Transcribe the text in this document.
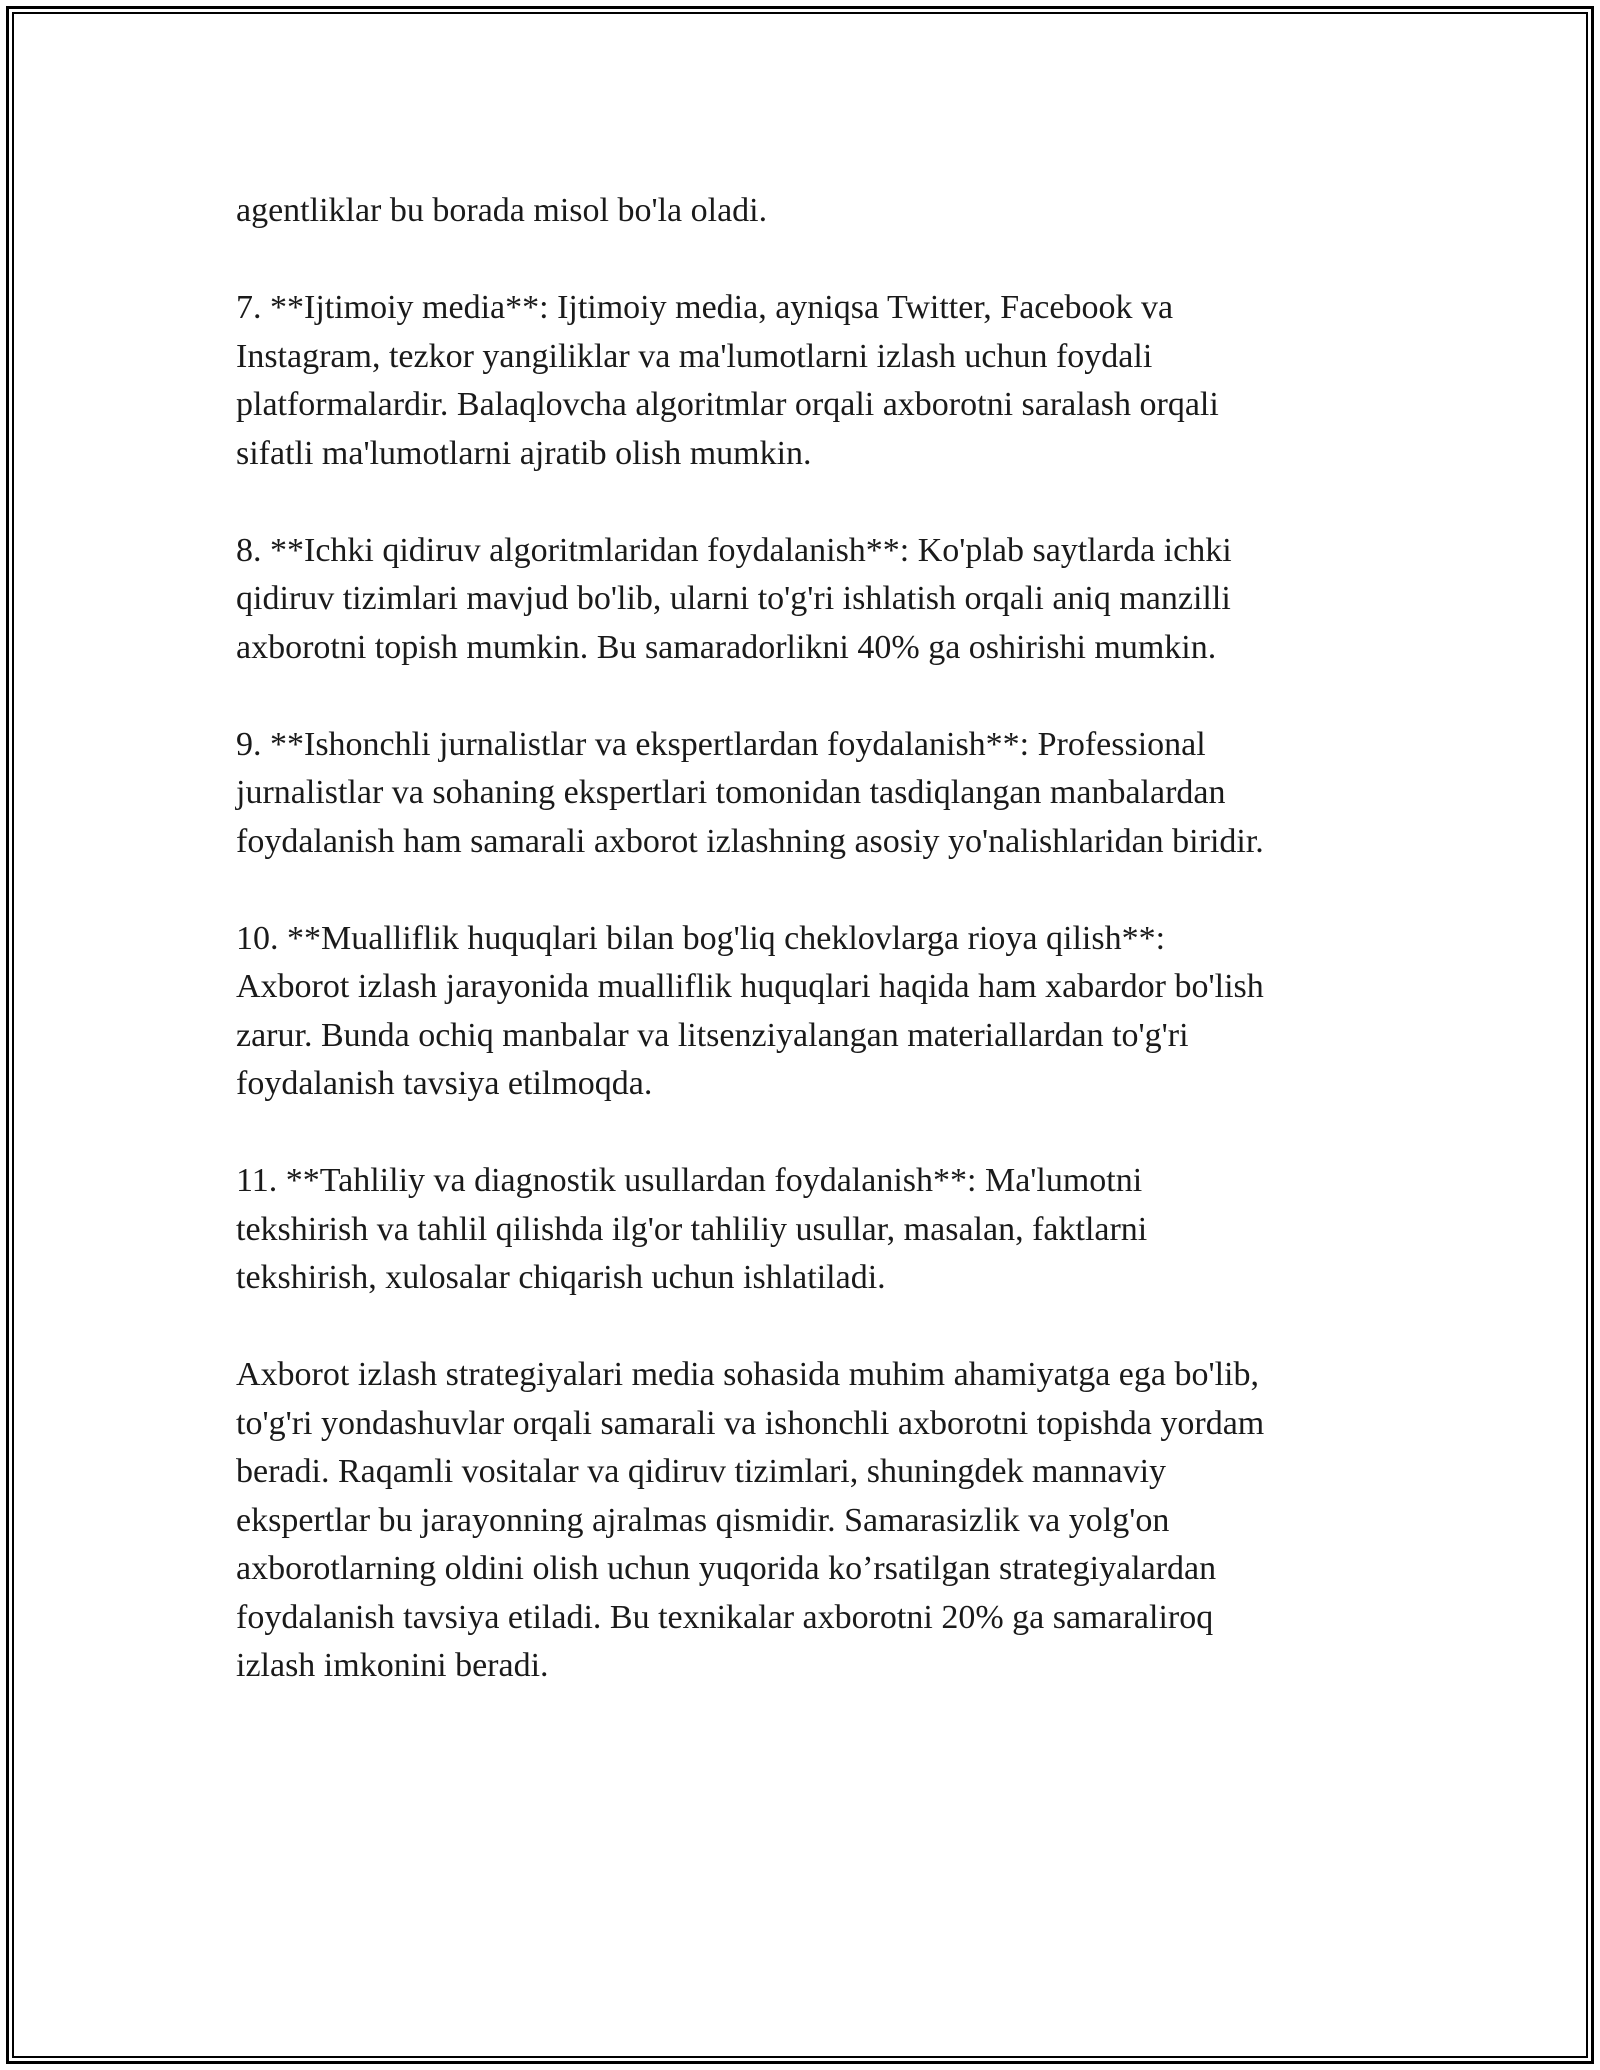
agentliklar bu borada misol bo'la oladi.
7. **Ijtimoiy media**: Ijtimoiy media, ayniqsa Twitter, Facebook va
Instagram, tezkor yangiliklar va ma'lumotlarni izlash uchun foydali
platformalardir. Balaqlovcha algoritmlar orqali axborotni saralash orqali
sifatli ma'lumotlarni ajratib olish mumkin.
8. **Ichki qidiruv algoritmlaridan foydalanish**: Ko'plab saytlarda ichki
qidiruv tizimlari mavjud bo'lib, ularni to'g'ri ishlatish orqali aniq manzilli
axborotni topish mumkin. Bu samaradorlikni 40% ga oshirishi mumkin.
9. **Ishonchli jurnalistlar va ekspertlardan foydalanish**: Professional
jurnalistlar va sohaning ekspertlari tomonidan tasdiqlangan manbalardan
foydalanish ham samarali axborot izlashning asosiy yo'nalishlaridan biridir.
10. **Mualliflik huquqlari bilan bog'liq cheklovlarga rioya qilish**:
Axborot izlash jarayonida mualliflik huquqlari haqida ham xabardor bo'lish
zarur. Bunda ochiq manbalar va litsenziyalangan materiallardan to'g'ri
foydalanish tavsiya etilmoqda.
11. **Tahliliy va diagnostik usullardan foydalanish**: Ma'lumotni
tekshirish va tahlil qilishda ilg'or tahliliy usullar, masalan, faktlarni
tekshirish, xulosalar chiqarish uchun ishlatiladi.
Axborot izlash strategiyalari media sohasida muhim ahamiyatga ega bo'lib,
to'g'ri yondashuvlar orqali samarali va ishonchli axborotni topishda yordam
beradi. Raqamli vositalar va qidiruv tizimlari, shuningdek mannaviy
ekspertlar bu jarayonning ajralmas qismidir. Samarasizlik va yolg'on
axborotlarning oldini olish uchun yuqorida ko’rsatilgan strategiyalardan
foydalanish tavsiya etiladi. Bu texnikalar axborotni 20% ga samaraliroq
izlash imkonini beradi.
